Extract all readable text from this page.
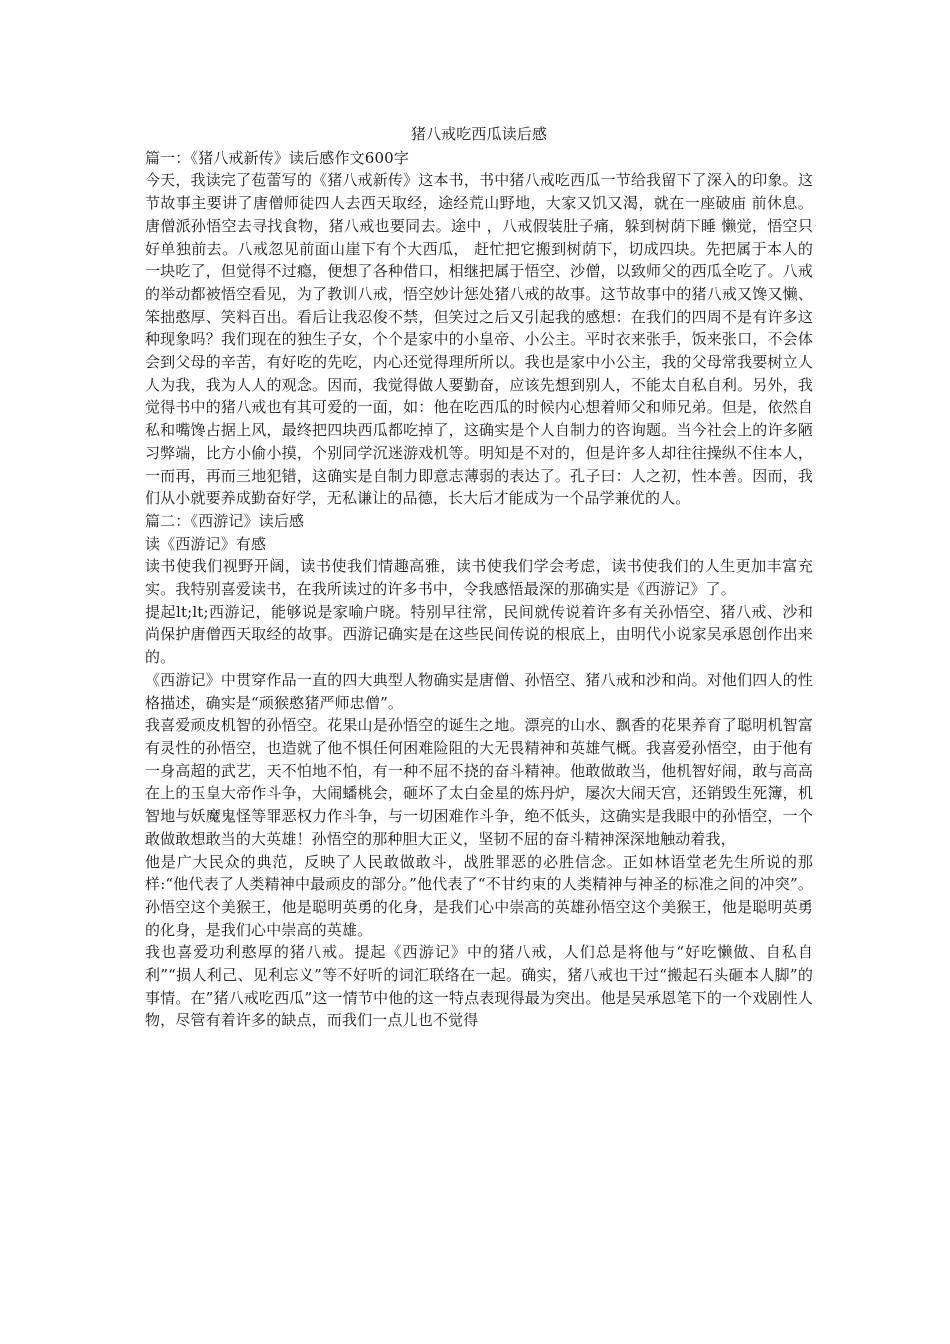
猪八戒吃西瓜读后感

篇一：《猪八戒新传》读后感作文600字

今天，我读完了苞蕾写的《猪八戒新传》这本书，书中猪八戒吃西瓜一节给我留下了深入的印象。这节故事主要讲了唐僧师徒四人去西天取经，途经荒山野地，大家又饥又渴，就在一座破庙 前休息。唐僧派孙悟空去寻找食物，猪八戒也要同去。途中 ，八戒假装肚子痛，躲到树荫下睡 懒觉，悟空只好单独前去。八戒忽见前面山崖下有个大西瓜， 赶忙把它搬到树荫下，切成四块。先把属于本人的一块吃了，但觉得不过瘾，便想了各种借口，相继把属于悟空、沙僧，以致师父的西瓜全吃了。八戒的举动都被悟空看见，为了教训八戒，悟空妙计惩处猪八戒的故事。这节故事中的猪八戒又馋又懒、笨拙憨厚、笑料百出。看后让我忍俊不禁，但笑过之后又引起我的感想：在我们的四周不是有许多这种现象吗？我们现在的独生子女，个个是家中的小皇帝、小公主。平时衣来张手，饭来张口，不会体会到父母的辛苦，有好吃的先吃，内心还觉得理所所以。我也是家中小公主，我的父母常我要树立人人为我，我为人人的观念。因而，我觉得做人要勤奋，应该先想到别人，不能太自私自利。另外，我觉得书中的猪八戒也有其可爱的一面，如：他在吃西瓜的时候内心想着师父和师兄弟。但是，依然自私和嘴馋占据上风，最终把四块西瓜都吃掉了，这确实是个人自制力的咨询题。当今社会上的许多陋习弊端，比方小偷小摸，个别同学沉迷游戏机等。明知是不对的，但是许多人却往往操纵不住本人，一而再，再而三地犯错，这确实是自制力即意志薄弱的表达了。孔子曰：人之初，性本善。因而，我们从小就要养成勤奋好学，无私谦让的品德，长大后才能成为一个品学兼优的人。

篇二：《西游记》读后感

读《西游记》有感

读书使我们视野开阔，读书使我们情趣高雅，读书使我们学会考虑，读书使我们的人生更加丰富充实。我特别喜爱读书，在我所读过的许多书中，令我感悟最深的那确实是《西游记》了。

提起lt;lt;西游记，能够说是家喻户晓。特别早往常，民间就传说着许多有关孙悟空、猪八戒、沙和尚保护唐僧西天取经的故事。西游记确实是在这些民间传说的根底上，由明代小说家吴承恩创作出来的。

《西游记》中贯穿作品一直的四大典型人物确实是唐僧、孙悟空、猪八戒和沙和尚。对他们四人的性格描述，确实是“顽猴憨猪严师忠僧”。

我喜爱顽皮机智的孙悟空。花果山是孙悟空的诞生之地。漂亮的山水、飘香的花果养育了聪明机智富有灵性的孙悟空，也造就了他不惧任何困难险阻的大无畏精神和英雄气概。我喜爱孙悟空，由于他有一身高超的武艺，天不怕地不怕，有一种不屈不挠的奋斗精神。他敢做敢当，他机智好闹，敢与高高在上的玉皇大帝作斗争，大闹蟠桃会，砸坏了太白金星的炼丹炉，屡次大闹天宫，还销毁生死簿，机智地与妖魔鬼怪等罪恶权力作斗争，与一切困难作斗争，绝不低头，这确实是我眼中的孙悟空，一个敢做敢想敢当的大英雄！孙悟空的那种胆大正义，坚韧不屈的奋斗精神深深地触动着我，

他是广大民众的典范，反映了人民敢做敢斗，战胜罪恶的必胜信念。正如林语堂老先生所说的那样:“他代表了人类精神中最顽皮的部分。”他代表了“不甘约束的人类精神与神圣的标准之间的冲突”。孙悟空这个美猴王，他是聪明英勇的化身，是我们心中崇高的英雄孙悟空这个美猴王，他是聪明英勇的化身，是我们心中崇高的英雄。

我也喜爱功利憨厚的猪八戒。提起《西游记》中的猪八戒，人们总是将他与“好吃懒做、自私自利”“损人利己、见利忘义”等不好听的词汇联络在一起。确实，猪八戒也干过“搬起石头砸本人脚”的事情。在”猪八戒吃西瓜”这一情节中他的这一特点表现得最为突出。他是吴承恩笔下的一个戏剧性人物，尽管有着许多的缺点，而我们一点儿也不觉得
